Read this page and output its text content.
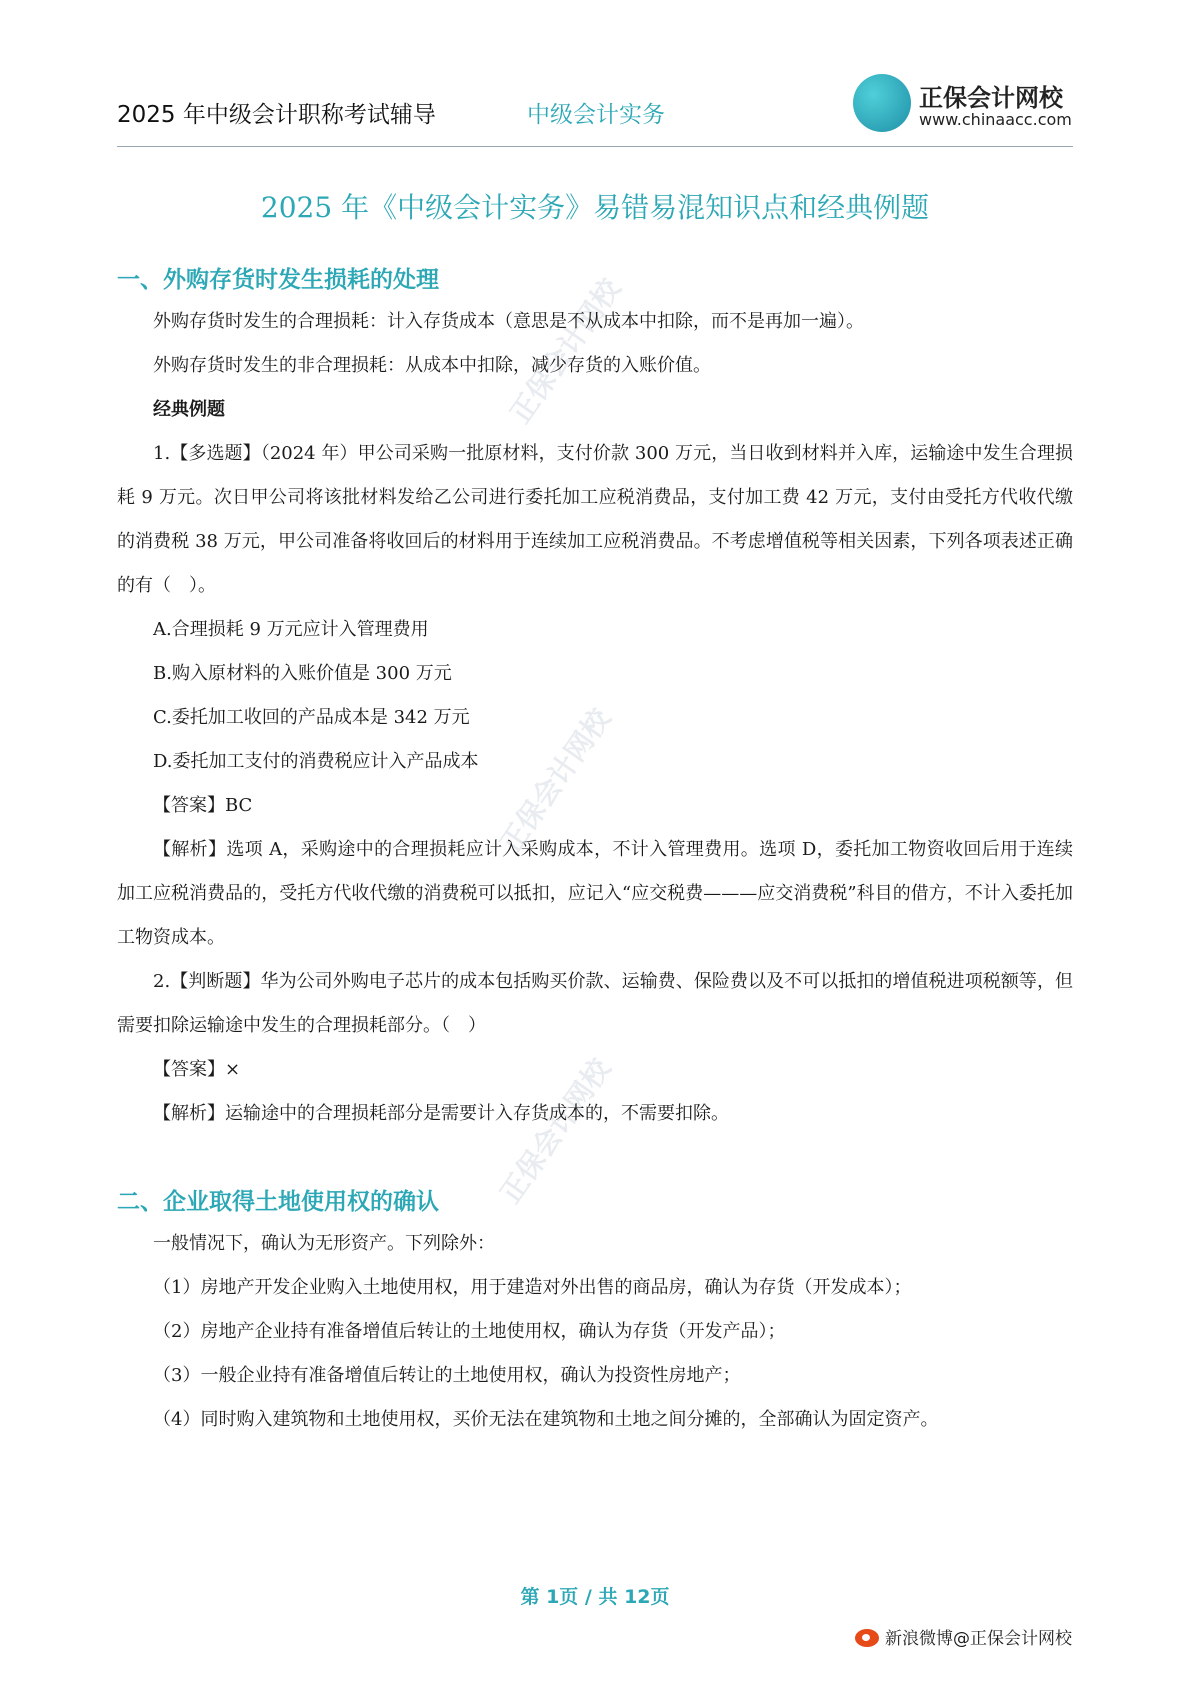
2025 年中级会计职称考试辅导	中级会计实务
正保会计网校
www.chinaacc.com
正保会计网校
正保会计网校
正保会计网校
2025 年《中级会计实务》易错易混知识点和经典例题
一、外购存货时发生损耗的处理

外购存货时发生的合理损耗：计入存货成本（意思是不从成本中扣除，而不是再加一遍）。

外购存货时发生的非合理损耗：从成本中扣除，减少存货的入账价值。

经典例题

1.【多选题】（2024 年）甲公司采购一批原材料，支付价款 300 万元，当日收到材料并入库，运输途中发生合理损耗 9 万元。次日甲公司将该批材料发给乙公司进行委托加工应税消费品，支付加工费 42 万元，支付由受托方代收代缴的消费税 38 万元，甲公司准备将收回后的材料用于连续加工应税消费品。不考虑增值税等相关因素，下列各项表述正确的有（　）。

A.合理损耗 9 万元应计入管理费用

B.购入原材料的入账价值是 300 万元

C.委托加工收回的产品成本是 342 万元

D.委托加工支付的消费税应计入产品成本

【答案】BC

【解析】选项 A，采购途中的合理损耗应计入采购成本，不计入管理费用。选项 D，委托加工物资收回后用于连续加工应税消费品的，受托方代收代缴的消费税可以抵扣，应记入“应交税费———应交消费税”科目的借方，不计入委托加工物资成本。

2.【判断题】华为公司外购电子芯片的成本包括购买价款、运输费、保险费以及不可以抵扣的增值税进项税额等，但需要扣除运输途中发生的合理损耗部分。（　）

【答案】×

【解析】运输途中的合理损耗部分是需要计入存货成本的，不需要扣除。

二、企业取得土地使用权的确认

一般情况下，确认为无形资产。下列除外：

（1）房地产开发企业购入土地使用权，用于建造对外出售的商品房，确认为存货（开发成本）；

（2）房地产企业持有准备增值后转让的土地使用权，确认为存货（开发产品）；

（3）一般企业持有准备增值后转让的土地使用权，确认为投资性房地产；

（4）同时购入建筑物和土地使用权，买价无法在建筑物和土地之间分摊的，全部确认为固定资产。

第 1页 / 共 12页
新浪微博@正保会计网校
